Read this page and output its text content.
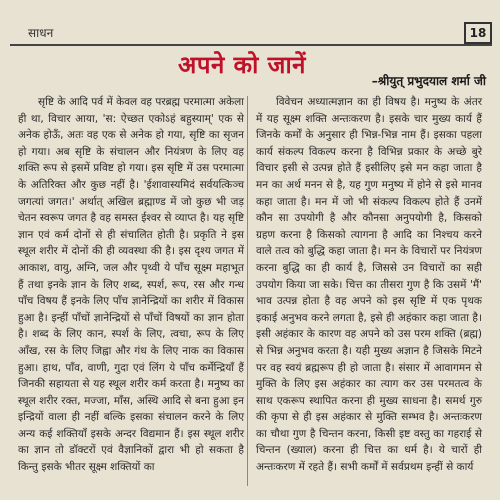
साधन	18
अपने को जानें
–श्रीयुत् प्रभुदयाल शर्मा जी

सृष्टि के आदि पर्व में केवल वह परब्रह्म परमात्मा अकेला ही था, विचार आया, 'स: ऐच्छत एकोऽहं बहुस्याम्' एक से अनेक होऊँ, अतः वह एक से अनेक हो गया, सृष्टि का सृजन हो गया। अब सृष्टि के संचालन और नियंत्रण के लिए वह शक्ति रूप से इसमें प्रविष्ट हो गया। इस सृष्टि में उस परमात्मा के अतिरिक्त और कुछ नहीं है। 'ईशावास्यमिदं सर्वयत्किञ्च जगत्यां जगत।' अर्थात् अखिल ब्रह्माण्ड में जो कुछ भी जड़ चेतन स्वरूप जगत है वह समस्त ईश्वर से व्याप्त है। यह सृष्टि ज्ञान एवं कर्म दोनों से ही संचालित होती है। प्रकृति ने इस स्थूल शरीर में दोनों की ही व्यवस्था की है। इस दृश्य जगत में आकाश, वायु, अग्नि, जल और पृथ्वी ये पाँच सूक्ष्म महाभूत हैं तथा इनके ज्ञान के लिए शब्द, स्पर्श, रूप, रस और गन्ध पाँच विषय हैं इनके लिए पाँच ज्ञानेन्द्रियों का शरीर में विकास हुआ है। इन्हीं पाँचों ज्ञानेन्द्रियों से पाँचों विषयों का ज्ञान होता है। शब्द के लिए कान, स्पर्श के लिए, त्वचा, रूप के लिए आँख, रस के लिए जिह्वा और गंध के लिए नाक का विकास हुआ। हाथ, पाँव, वाणी, गुदा एवं लिंग ये पाँच कर्मेन्द्रियाँ हैं जिनकी सहायता से यह स्थूल शरीर कर्म करता है। मनुष्य का स्थूल शरीर रक्त, मज्जा, माँस, अस्थि आदि से बना हुआ इन इन्द्रियों वाला ही नहीं बल्कि इसका संचालन करने के लिए अन्य कई शक्तियाँ इसके अन्दर विद्यमान हैं। इस स्थूल शरीर का ज्ञान तो डॉक्टरों एवं वैज्ञानिकों द्वारा भी हो सकता है किन्तु इसके भीतर सूक्ष्म शक्तियों का

विवेचन अध्यात्मज्ञान का ही विषय है। मनुष्य के अंतर में यह सूक्ष्म शक्ति अन्तःकरण है। इसके चार मुख्य कार्य हैं जिनके कर्मों के अनुसार ही भिन्न-भिन्न नाम हैं। इसका पहला कार्य संकल्प विकल्प करना है विभिन्न प्रकार के अच्छे बुरे विचार इसी से उत्पन्न होते हैं इसीलिए इसे मन कहा जाता है मन का अर्थ मनन से है, यह गुण मनुष्य में होने से इसे मानव कहा जाता है। मन में जो भी संकल्प विकल्प होते हैं उनमें कौन सा उपयोगी है और कौनसा अनुपयोगी है, किसको ग्रहण करना है किसको त्यागना है आदि का निश्चय करने वाले तत्व को बुद्धि कहा जाता है। मन के विचारों पर नियंत्रण करना बुद्धि का ही कार्य है, जिससे उन विचारों का सही उपयोग किया जा सके। चित्त का तीसरा गुण है कि उसमें 'मैं' भाव उत्पन्न होता है वह अपने को इस सृष्टि में एक पृथक इकाई अनुभव करने लगता है, इसे ही अहंकार कहा जाता है। इसी अहंकार के कारण वह अपने को उस परम शक्ति (ब्रह्म) से भिन्न अनुभव करता है। यही मुख्य अज्ञान है जिसके मिटने पर वह स्वयं ब्रह्मरूप ही हो जाता है। संसार में आवागमन से मुक्ति के लिए इस अहंकार का त्याग कर उस परमतत्व के साथ एकरूप स्थापित करना ही मुख्य साधना है। समर्थ गुरु की कृपा से ही इस अहंकार से मुक्ति सम्भव है। अन्तःकरण का चौथा गुण है चिन्तन करना, किसी इष्ट वस्तु का गहराई से चिन्तन (ख्याल) करना ही चित्त का धर्म है। ये चारों ही अन्तःकरण में रहते हैं। सभी कर्मों में सर्वप्रथम इन्हीं से कार्य
